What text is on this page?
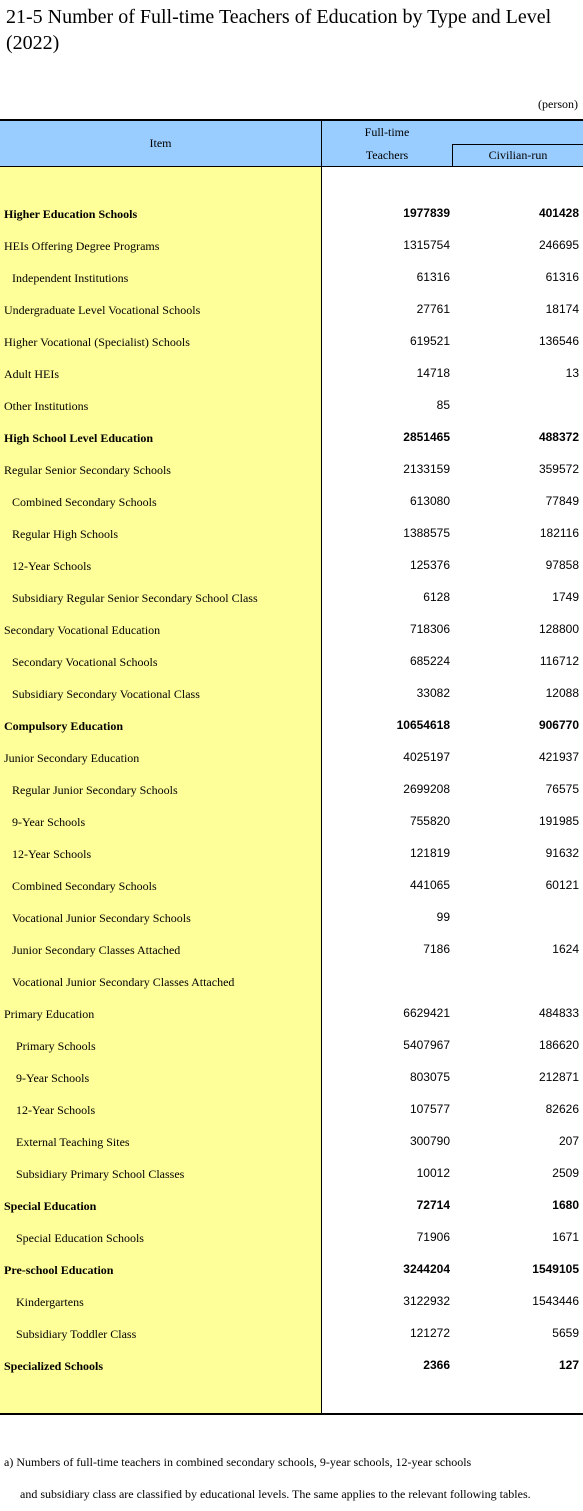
21-5 Number of Full-time Teachers of Education by Type and Level (2022)
(person)
Item
Full-time
Teachers	Civilian-run
Higher Education Schools	1977839	401428
HEIs Offering Degree Programs	1315754	246695
Independent Institutions	61316	61316
Undergraduate Level Vocational Schools	27761	18174
Higher Vocational (Specialist) Schools	619521	136546
Adult HEIs	14718	13
Other Institutions	85
High School Level Education	2851465	488372
Regular Senior Secondary Schools	2133159	359572
Combined Secondary Schools	613080	77849
Regular High Schools	1388575	182116
12-Year Schools	125376	97858
Subsidiary Regular Senior Secondary School Class	6128	1749
Secondary Vocational Education	718306	128800
Secondary Vocational Schools	685224	116712
Subsidiary Secondary Vocational Class	33082	12088
Compulsory Education	10654618	906770
Junior Secondary Education	4025197	421937
Regular Junior Secondary Schools	2699208	76575
9-Year Schools	755820	191985
12-Year Schools	121819	91632
Combined Secondary Schools	441065	60121
Vocational Junior Secondary Schools	99
Junior Secondary Classes Attached	7186	1624
Vocational Junior Secondary Classes Attached
Primary Education	6629421	484833
Primary Schools	5407967	186620
9-Year Schools	803075	212871
12-Year Schools	107577	82626
External Teaching Sites	300790	207
Subsidiary Primary School Classes	10012	2509
Special Education	72714	1680
Special Education Schools	71906	1671
Pre-school Education	3244204	1549105
Kindergartens	3122932	1543446
Subsidiary Toddler Class	121272	5659
Specialized Schools	2366	127
a) Numbers of full-time teachers in combined secondary schools, 9-year schools, 12-year schools
and subsidiary class are classified by educational levels. The same applies to the relevant following tables.
